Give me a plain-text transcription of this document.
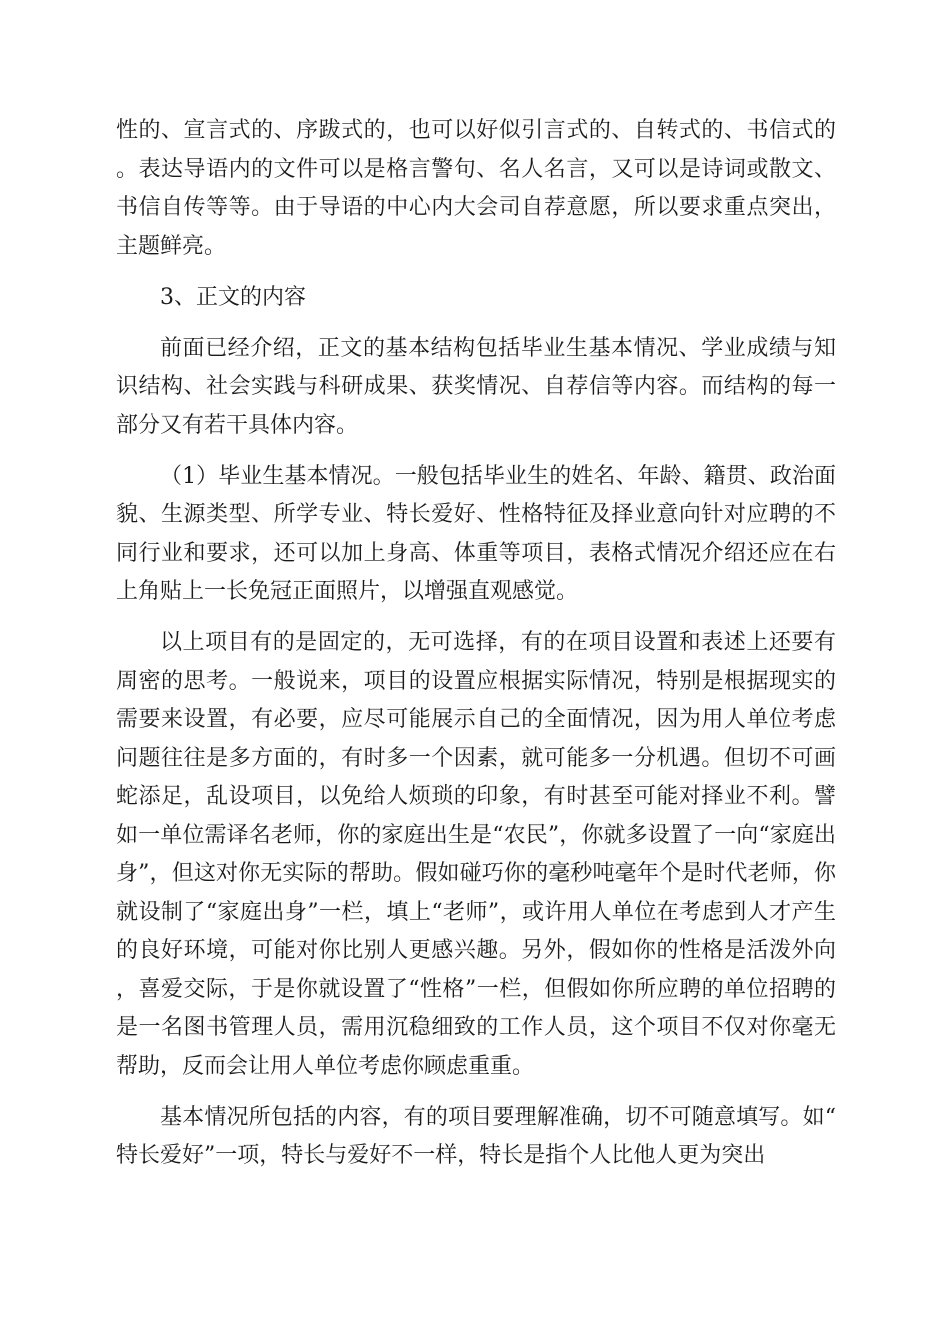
性的、宣言式的、序跋式的，也可以好似引言式的、自转式的、书信式的。表达导语内的文件可以是格言警句、名人名言，又可以是诗词或散文、书信自传等等。由于导语的中心内大会司自荐意愿，所以要求重点突出，主题鲜亮。

3、正文的内容

前面已经介绍，正文的基本结构包括毕业生基本情况、学业成绩与知识结构、社会实践与科研成果、获奖情况、自荐信等内容。而结构的每一部分又有若干具体内容。

（1）毕业生基本情况。一般包括毕业生的姓名、年龄、籍贯、政治面貌、生源类型、所学专业、特长爱好、性格特征及择业意向针对应聘的不同行业和要求，还可以加上身高、体重等项目，表格式情况介绍还应在右上角贴上一长免冠正面照片，以增强直观感觉。

以上项目有的是固定的，无可选择，有的在项目设置和表述上还要有周密的思考。一般说来，项目的设置应根据实际情况，特别是根据现实的需要来设置，有必要，应尽可能展示自己的全面情况，因为用人单位考虑问题往往是多方面的，有时多一个因素，就可能多一分机遇。但切不可画蛇添足，乱设项目，以免给人烦琐的印象，有时甚至可能对择业不利。譬如一单位需译名老师，你的家庭出生是“农民”，你就多设置了一向“家庭出身”，但这对你无实际的帮助。假如碰巧你的毫秒吨毫年个是时代老师，你就设制了“家庭出身”一栏，填上“老师”，或许用人单位在考虑到人才产生的良好环境，可能对你比别人更感兴趣。另外，假如你的性格是活泼外向，喜爱交际，于是你就设置了“性格”一栏，但假如你所应聘的单位招聘的是一名图书管理人员，需用沉稳细致的工作人员，这个项目不仅对你毫无帮助，反而会让用人单位考虑你顾虑重重。

基本情况所包括的内容，有的项目要理解准确，切不可随意填写。如“特长爱好”一项，特长与爱好不一样，特长是指个人比他人更为突出
